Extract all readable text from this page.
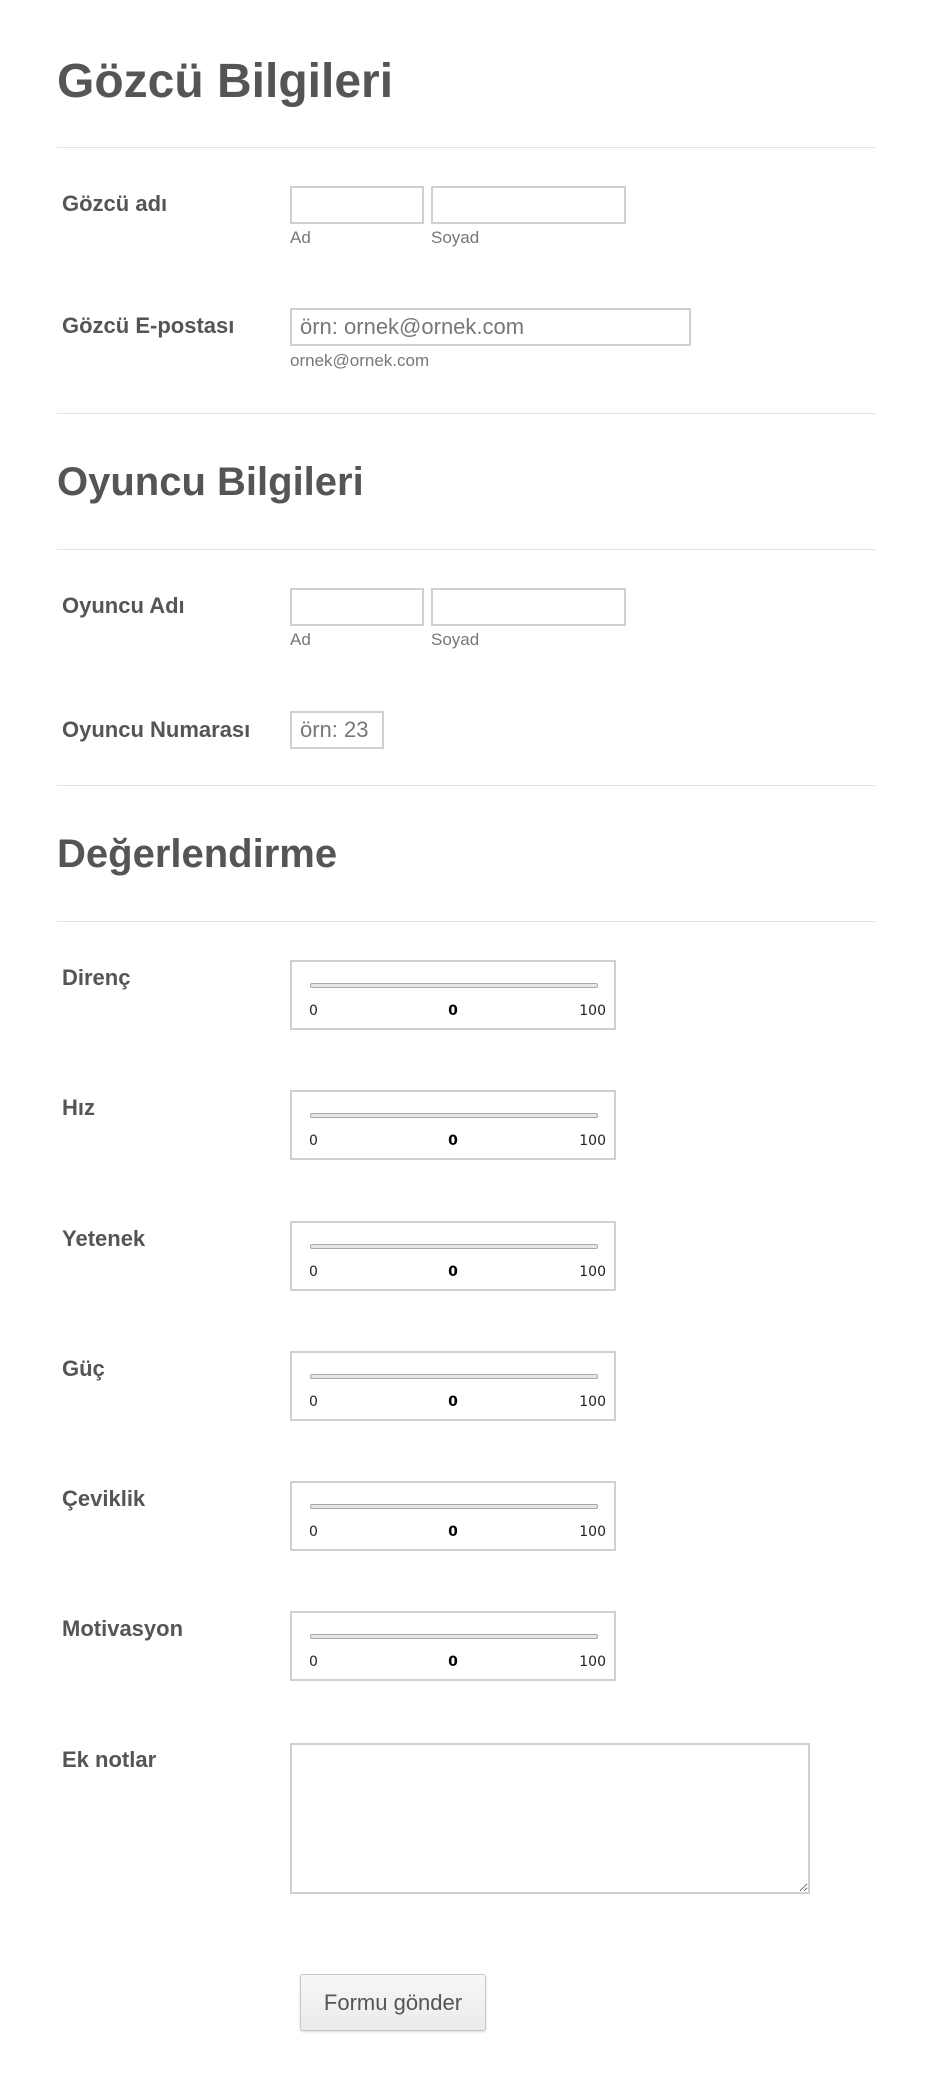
Gözcü Bilgileri
Gözcü adı
Ad	Soyad
Gözcü E-postası
örn: ornek@ornek.com
ornek@ornek.com
Oyuncu Bilgileri
Oyuncu Adı
Ad	Soyad
Oyuncu Numarası
örn: 23
Değerlendirme
Direnç
0
0	100
Hız
0
0	100
Yetenek
0
0	100
Güç
0
0	100
Çeviklik
0
0	100
Motivasyon
0
0	100
Ek notlar
Formu gönder
